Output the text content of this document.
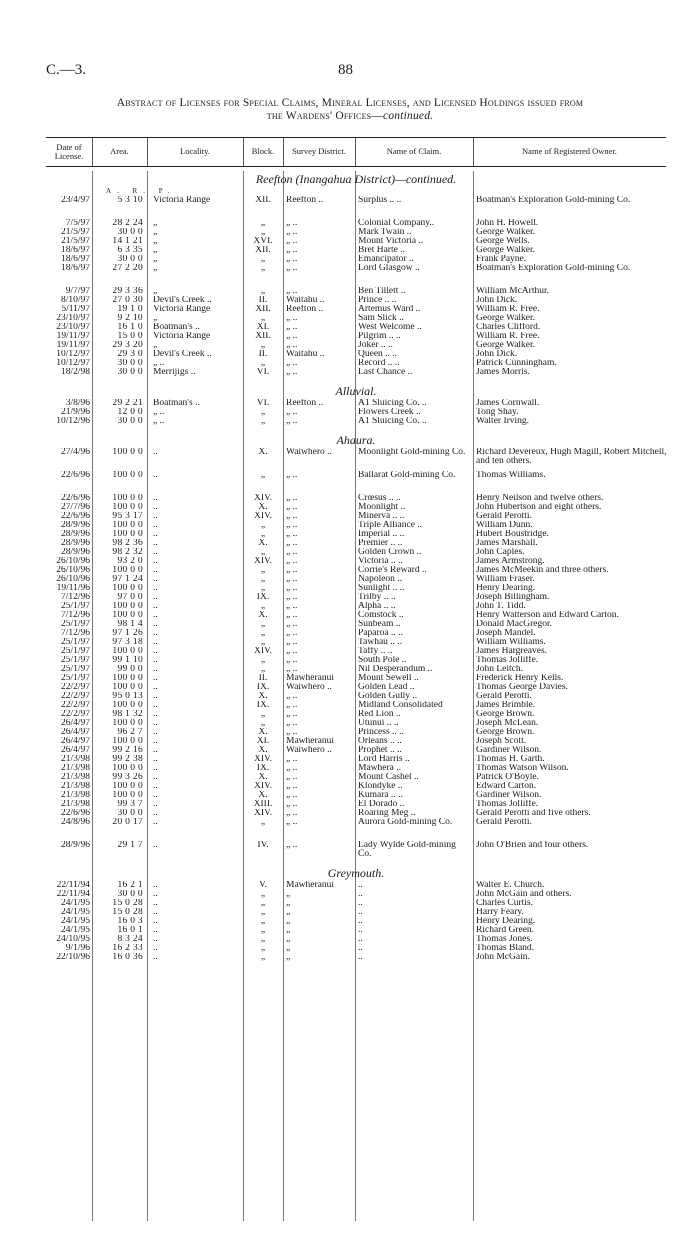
C.—3.	88
Abstract of Licenses for Special Claims, Mineral Licenses, and Licensed Holdings issued from
the Wardens' Offices—continued.
Date of License.	Area.	Locality.	Block.	Survey District.	Name of Claim.	Name of Registered Owner.
Reefton (Inangahua District)—continued.
A. R. P.
23/4/97	5 3 10 Victoria Range	XII.	Reefton ..	Surplus .. ..	Boatman's Exploration Gold-mining Co.
7/5/97	28 2 24 „	„	„ ..	Colonial Company..	John H. Howell.
21/5/97	30 0 0 „	„	„ ..	Mark Twain ..	George Walker.
21/5/97	14 1 21 „	XVI.	„ ..	Mount Victoria ..	George Wells.
18/6/97	6 3 35 „	XII.	„ ..	Bret Harte ..	George Walker.
18/6/97	30 0 0 „	„	„ ..	Emancipator ..	Frank Payne.
18/6/97	27 2 20 „	„	„ ..	Lord Glasgow ..	Boatman's Exploration Gold-mining Co.
9/7/97	29 3 36 „	„	„ ..	Ben Tillett ..	William McArthur.
8/10/97	27 0 30 Devil's Creek ..	II.	Waitahu ..	Prince .. ..	John Dick.
5/11/97	19 1 0 Victoria Range	XII.	Reefton ..	Artemus Ward ..	William R. Free.
23/10/97	9 2 10 „	„	„ ..	Sam Slick ..	George Walker.
23/10/97	16 1 0 Boatman's ..	XI.	„ ..	West Welcome ..	Charles Clifford.
19/11/97	15 0 0 Victoria Range	XII.	„ ..	Pilgrim .. ..	William R. Free.
19/11/97	29 3 20 „	„	„ ..	Joker .. ..	George Walker.
10/12/97	29 3 0 Devil's Creek ..	II.	Waitahu ..	Queen .. ..	John Dick.
10/12/97	30 0 0 „ ..	„	„ ..	Record .. ..	Patrick Cunningham.
18/2/98	30 0 0 Merrijigs ..	VI.	„ ..	Last Chance ..	James Morris.
Alluvial.
3/8/96	29 2 21 Boatman's ..	VI.	Reefton ..	A1 Sluicing Co. ..	James Cornwall.
21/9/96	12 0 0 „ ..	„	„ ..	Flowers Creek ..	Tong Shay.
10/12/96	30 0 0 „ ..	„	„ ..	A1 Sluicing Co. ..	Walter Irving.
Ahaura.
27/4/96	100 0 0 ..	X.	Waiwhero ..	Moonlight Gold-mining Co.	Richard Devereux, Hugh Magill, Robert Mitchell, and ten others.
22/6/96	100 0 0 ..	„	„ ..	Ballarat Gold-mining Co.	Thomas Williams.
22/6/96	100 0 0 ..	XIV.	„ ..	Crœsus .. ..	Henry Neilson and twelve others.
27/7/96	100 0 0 ..	X.	„ ..	Moonlight ..	John Hubertson and eight others.
22/6/96	95 3 17 ..	XIV.	„ ..	Minerva .. ..	Gerald Perotti.
28/9/96	100 0 0 ..	„	„ ..	Triple Alliance ..	William Dunn.
28/9/96	100 0 0 ..	„	„ ..	Imperial .. ..	Hubert Boustridge.
28/9/96	98 2 36 ..	X.	„ ..	Premier .. ..	James Marshall.
28/9/96	98 2 32 ..	„	„ ..	Golden Crown ..	John Caples.
26/10/96	93 2 0 ..	XIV.	„ ..	Victoria .. ..	James Armstrong.
26/10/96	100 0 0 ..	„	„ ..	Corrie's Reward ..	James McMeekin and three others.
26/10/96	97 1 24 ..	„	„ ..	Napoleon ..	William Fraser.
19/11/96	100 0 0 ..	„	„ ..	Sunlight .. ..	Henry Dearing.
7/12/96	97 0 0 ..	IX.	„ ..	Trilby .. ..	Joseph Billingham.
25/1/97	100 0 0 ..	„	„ ..	Alpha .. ..	John T. Tidd.
7/12/96	100 0 0 ..	X.	„ ..	Comstock ..	Henry Watterson and Edward Carton.
25/1/97	98 1 4 ..	„	„ ..	Sunbeam ..	Donald MacGregor.
7/12/96	97 1 26 ..	„	„ ..	Paparoa .. ..	Joseph Mandel.
25/1/97	97 3 18 ..	„	„ ..	Tawhau .. ..	William Williams.
25/1/97	100 0 0 ..	XIV.	„ ..	Taffy .. ..	James Hargreaves.
25/1/97	99 1 10 ..	„	„ ..	South Pole ..	Thomas Jolliffe.
25/1/97	99 0 0 ..	„	„ ..	Nil Desperandum ..	John Leitch.
25/1/97	100 0 0 ..	II.	Mawheranui	Mount Sewell ..	Frederick Henry Kells.
22/2/97	100 0 0 ..	IX.	Waiwhero ..	Golden Lead ..	Thomas George Davies.
22/2/97	95 0 13 ..	X.	„ ..	Golden Gully ..	Gerald Perotti.
22/2/97	100 0 0 ..	IX.	„ ..	Midland Consolidated	James Brimble.
22/2/97	98 1 32 ..	„	„ ..	Red Lion ..	George Brown.
26/4/97	100 0 0 ..	„	„ ..	Utunui .. ..	Joseph McLean.
26/4/97	96 2 7 ..	X.	„ ..	Princess .. ..	George Brown.
26/4/97	100 0 0 ..	XI.	Mawheranui	Orleans .. ..	Joseph Scott.
26/4/97	99 2 16 ..	X.	Waiwhero ..	Prophet .. ..	Gardiner Wilson.
21/3/98	99 2 38 ..	XIV.	„ ..	Lord Harris ..	Thomas H. Garth.
21/3/98	100 0 0 ..	IX.	„ ..	Mawhera ..	Thomas Watson Wilson.
21/3/98	99 3 26 ..	X.	„ ..	Mount Cashel ..	Patrick O'Boyle.
21/3/98	100 0 0 ..	XIV.	„ ..	Klondyke ..	Edward Carton.
21/3/98	100 0 0 ..	X.	„ ..	Kumara .. ..	Gardiner Wilson.
21/3/98	99 3 7 ..	XIII.	„ ..	El Dorado ..	Thomas Jolliffe.
22/6/96	30 0 0 ..	XIV.	„ ..	Roaring Meg ..	Gerald Perotti and five others.
24/8/96	20 0 17 ..	„	„ ..	Aurora Gold-mining Co.	Gerald Perotti.
28/9/96	29 1 7 ..	IV.	„ ..	Lady Wylde Gold-mining Co.
John O'Brien and four others.
Greymouth.
22/11/94	16 2 1 ..	V.	Mawheranui	..	Walter E. Church.
22/11/94	30 0 0 ..	„	„	..	John McGain and others.
24/1/95	15 0 28 ..	„	„	..	Charles Curtis.
24/1/95	15 0 28 ..	„	„	..	Harry Feary.
24/1/95	16 0 3 ..	„	„	..	Henry Dearing.
24/1/95	16 0 1 ..	„	„	..	Richard Green.
24/10/95	8 3 24 ..	„	„	..	Thomas Jones.
9/1/96	16 2 33 ..	„	„	..	Thomas Bland.
22/10/96	16 0 36 ..	„	„	..	John McGain.
